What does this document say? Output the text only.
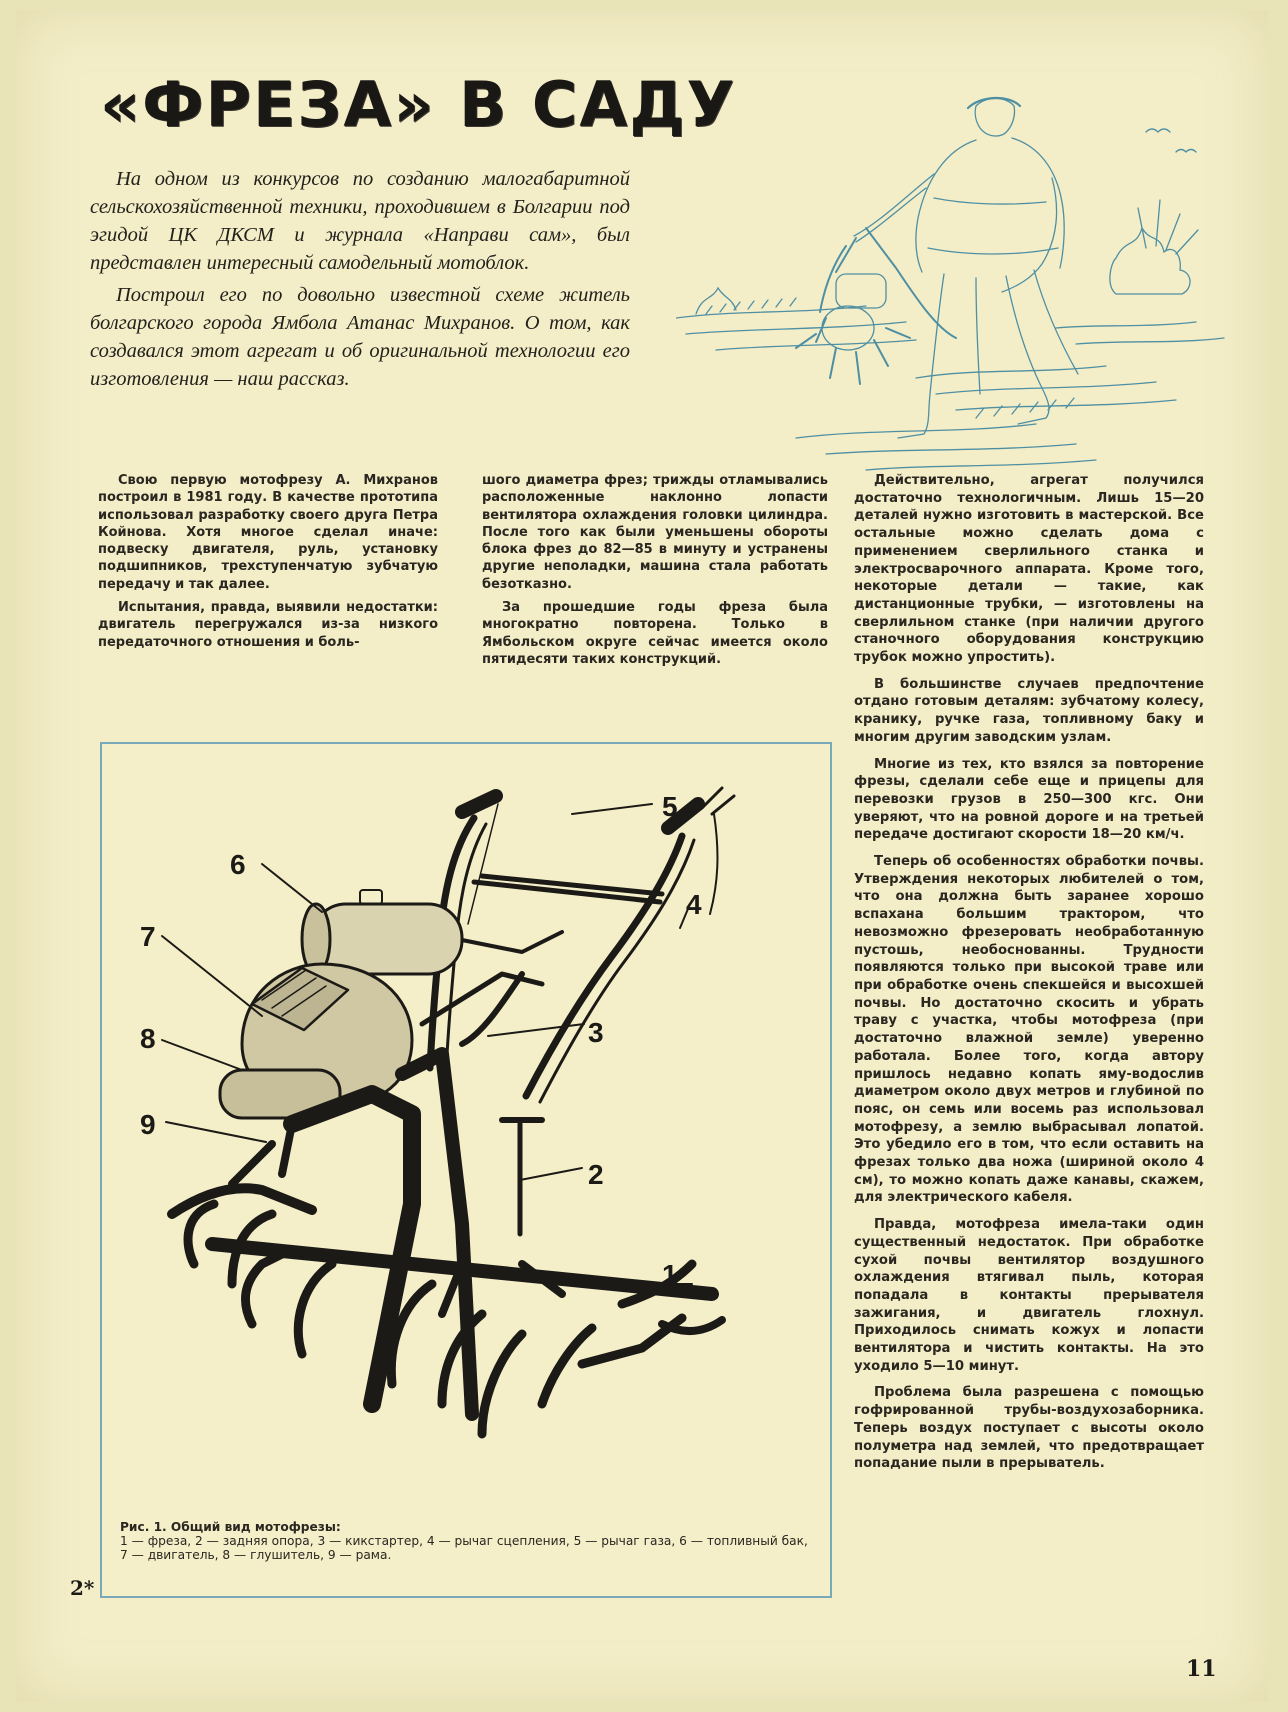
«ФРЕЗА» В САДУ

На одном из конкурсов по созданию малогабаритной сельскохозяйственной техники, проходившем в Болгарии под эгидой ЦК ДКСМ и журнала «Направи сам», был представлен интересный самодельный мотоблок.

Построил его по довольно известной схеме житель болгарского города Ямбола Атанас Михранов. О том, как создавался этот агрегат и об оригинальной технологии его изготовления — наш рассказ.

Свою первую мотофрезу А. Михранов построил в 1981 году. В качестве прототипа использовал разработку своего друга Петра Койнова. Хотя многое сделал иначе: подвеску двигателя, руль, установку подшипников, трехступенчатую зубчатую передачу и так далее.

Испытания, правда, выявили недостатки: двигатель перегружался из-за низкого передаточного отношения и боль-

шого диаметра фрез; трижды отламывались расположенные наклонно лопасти вентилятора охлаждения головки цилиндра. После того как были уменьшены обороты блока фрез до 82—85 в минуту и устранены другие неполадки, машина стала работать безотказно.

За прошедшие годы фреза была многократно повторена. Только в Ямбольском округе сейчас имеется около пятидесяти таких конструкций.

Действительно, агрегат получился достаточно технологичным. Лишь 15—20 деталей нужно изготовить в мастерской. Все остальные можно сделать дома с применением сверлильного станка и электросварочного аппарата. Кроме того, некоторые детали — такие, как дистанционные трубки, — изготовлены на сверлильном станке (при наличии другого станочного оборудования конструкцию трубок можно упростить).

В большинстве случаев предпочтение отдано готовым деталям: зубчатому колесу, кранику, ручке газа, топливному баку и многим другим заводским узлам.

Многие из тех, кто взялся за повторение фрезы, сделали себе еще и прицепы для перевозки грузов в 250—300 кгс. Они уверяют, что на ровной дороге и на третьей передаче достигают скорости 18—20 км/ч.

Теперь об особенностях обработки почвы. Утверждения некоторых любителей о том, что она должна быть заранее хорошо вспахана большим трактором, что невозможно фрезеровать необработанную пустошь, необоснованны. Трудности появляются только при высокой траве или при обработке очень спекшейся и высохшей почвы. Но достаточно скосить и убрать траву с участка, чтобы мотофреза (при достаточно влажной земле) уверенно работала. Более того, когда автору пришлось недавно копать яму-водослив диаметром около двух метров и глубиной по пояс, он семь или восемь раз использовал мотофрезу, а землю выбрасывал лопатой. Это убедило его в том, что если оставить на фрезах только два ножа (шириной около 4 см), то можно копать даже канавы, скажем, для электрического кабеля.

Правда, мотофреза имела-таки один существенный недостаток. При обработке сухой почвы вентилятор воздушного охлаждения втягивал пыль, которая попадала в контакты прерывателя зажигания, и двигатель глохнул. Приходилось снимать кожух и лопасти вентилятора и чистить контакты. На это уходило 5—10 минут.

Проблема была разрешена с помощью гофрированной трубы-воздухозаборника. Теперь воздух поступает с высоты около полуметра над землей, что предотвращает попадание пыли в прерыватель.

1
2
3
4
5
6
7
8
9
Рис. 1. Общий вид мотофрезы:
1 — фреза, 2 — задняя опора, 3 — кикстартер, 4 — рычаг сцепления, 5 — рычаг газа, 6 — топливный бак, 7 — двигатель, 8 — глушитель, 9 — рама.
2*
11
